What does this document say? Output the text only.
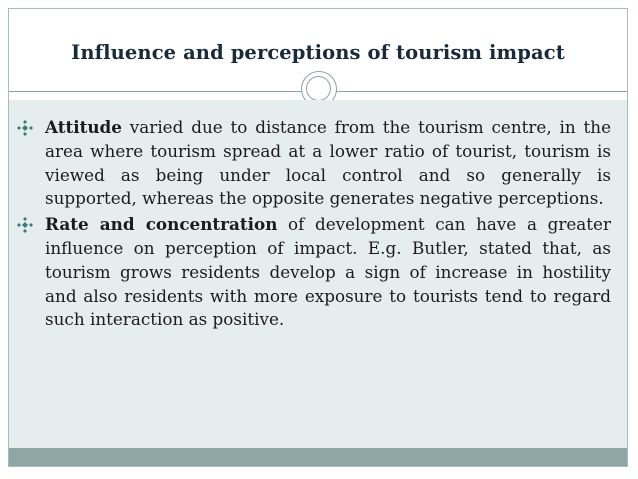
Influence and perceptions of tourism impact
Attitude varied due to distance from the tourism centre, in the area where tourism spread at a lower ratio of tourist, tourism is viewed as being under local control and so generally is supported, whereas the opposite generates negative perceptions.
Rate and concentration of development can have a greater influence on perception of impact. E.g. Butler, stated that, as tourism grows residents develop a sign of increase in hostility and also residents with more exposure to tourists tend to regard such interaction as positive.
